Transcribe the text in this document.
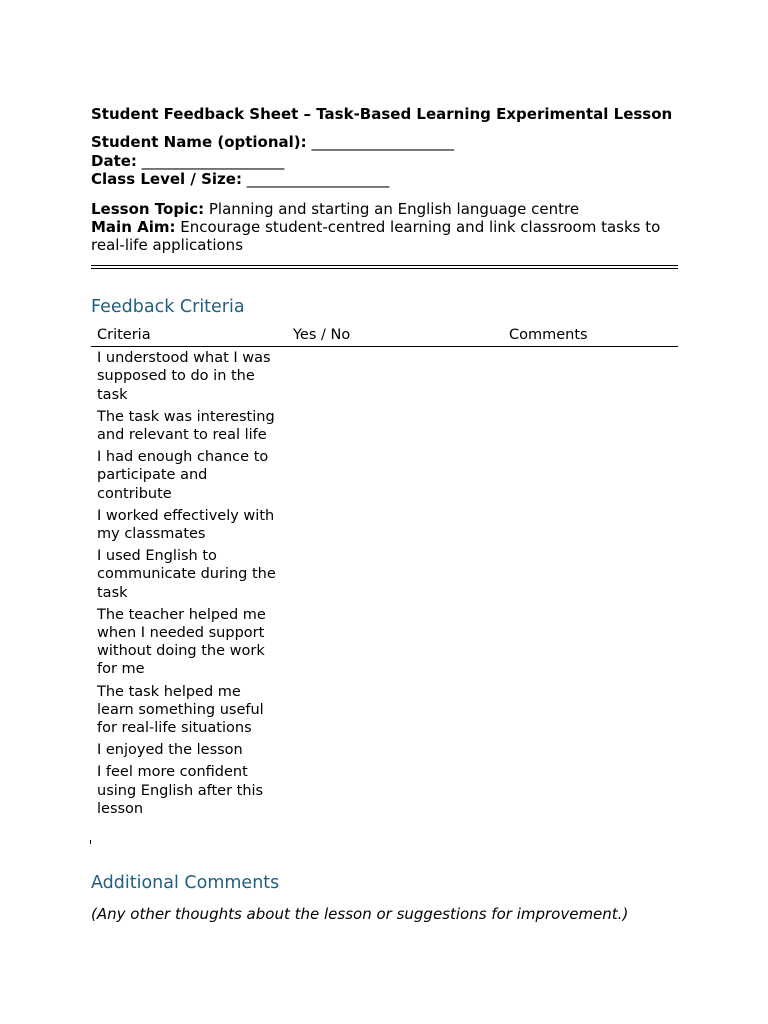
Student Feedback Sheet – Task-Based Learning Experimental Lesson
Student Name (optional): ___________________
Date: ___________________
Class Level / Size: ___________________
Lesson Topic: Planning and starting an English language centre
Main Aim: Encourage student-centred learning and link classroom tasks to real-life applications
Feedback Criteria
Criteria	Yes / No	Comments
I understood what I was supposed to do in the task		
The task was interesting and relevant to real life		
I had enough chance to participate and contribute		
I worked effectively with my classmates		
I used English to communicate during the task		
The teacher helped me when I needed support without doing the work for me		
The task helped me learn something useful for real-life situations		
I enjoyed the lesson		
I feel more confident using English after this lesson		
Additional Comments
(Any other thoughts about the lesson or suggestions for improvement.)
